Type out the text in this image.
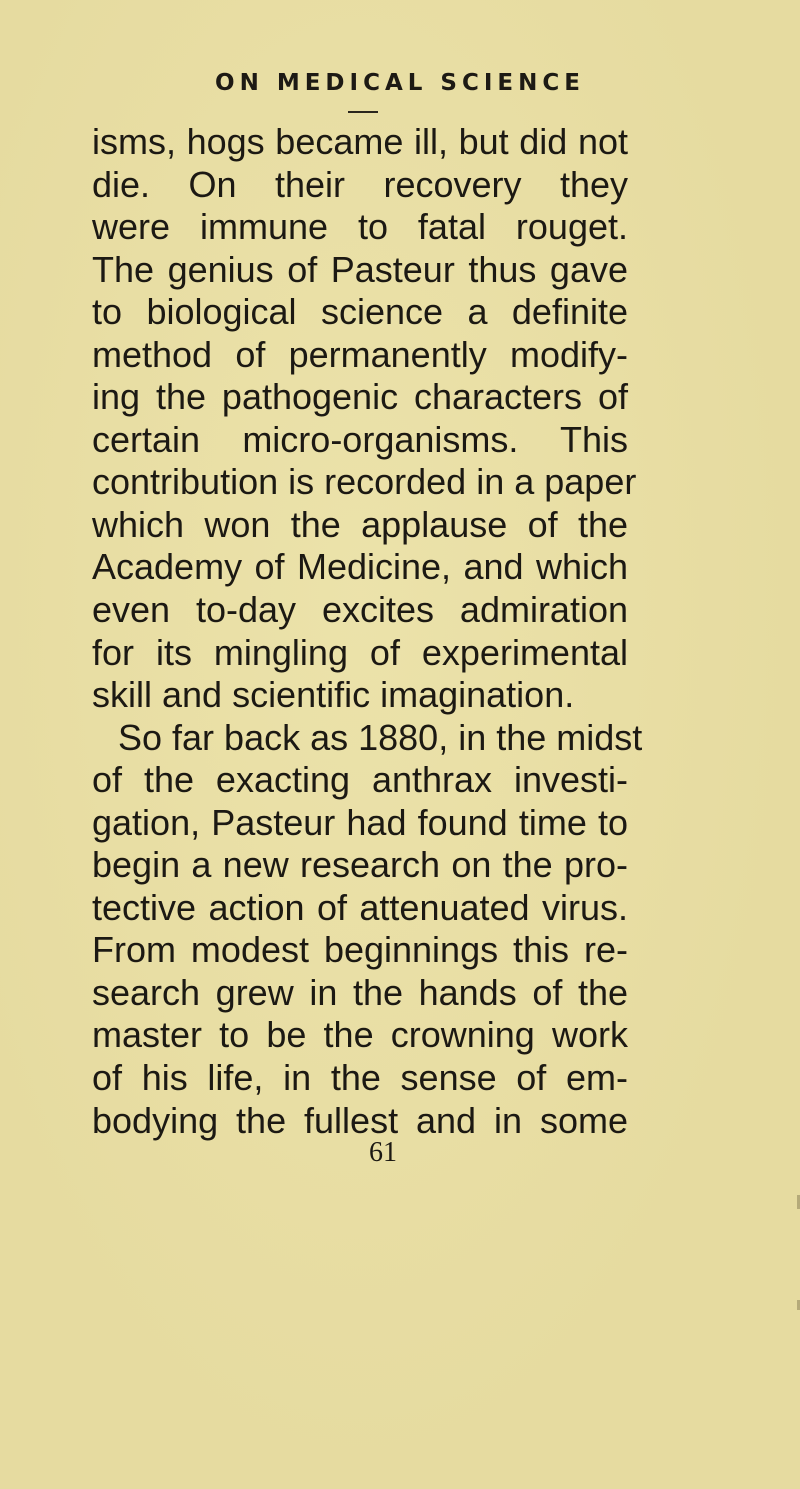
ON MEDICAL SCIENCE
isms, hogs became ill, but did not
die. On their recovery they
were immune to fatal rouget.
The genius of Pasteur thus gave
to biological science a definite
method of permanently modify-
ing the pathogenic characters of
certain micro-organisms. This
contribution is recorded in a paper
which won the applause of the
Academy of Medicine, and which
even to-day excites admiration
for its mingling of experimental
skill and scientific imagination.
So far back as 1880, in the midst
of the exacting anthrax investi-
gation, Pasteur had found time to
begin a new research on the pro-
tective action of attenuated virus.
From modest beginnings this re-
search grew in the hands of the
master to be the crowning work
of his life, in the sense of em-
bodying the fullest and in some
61
